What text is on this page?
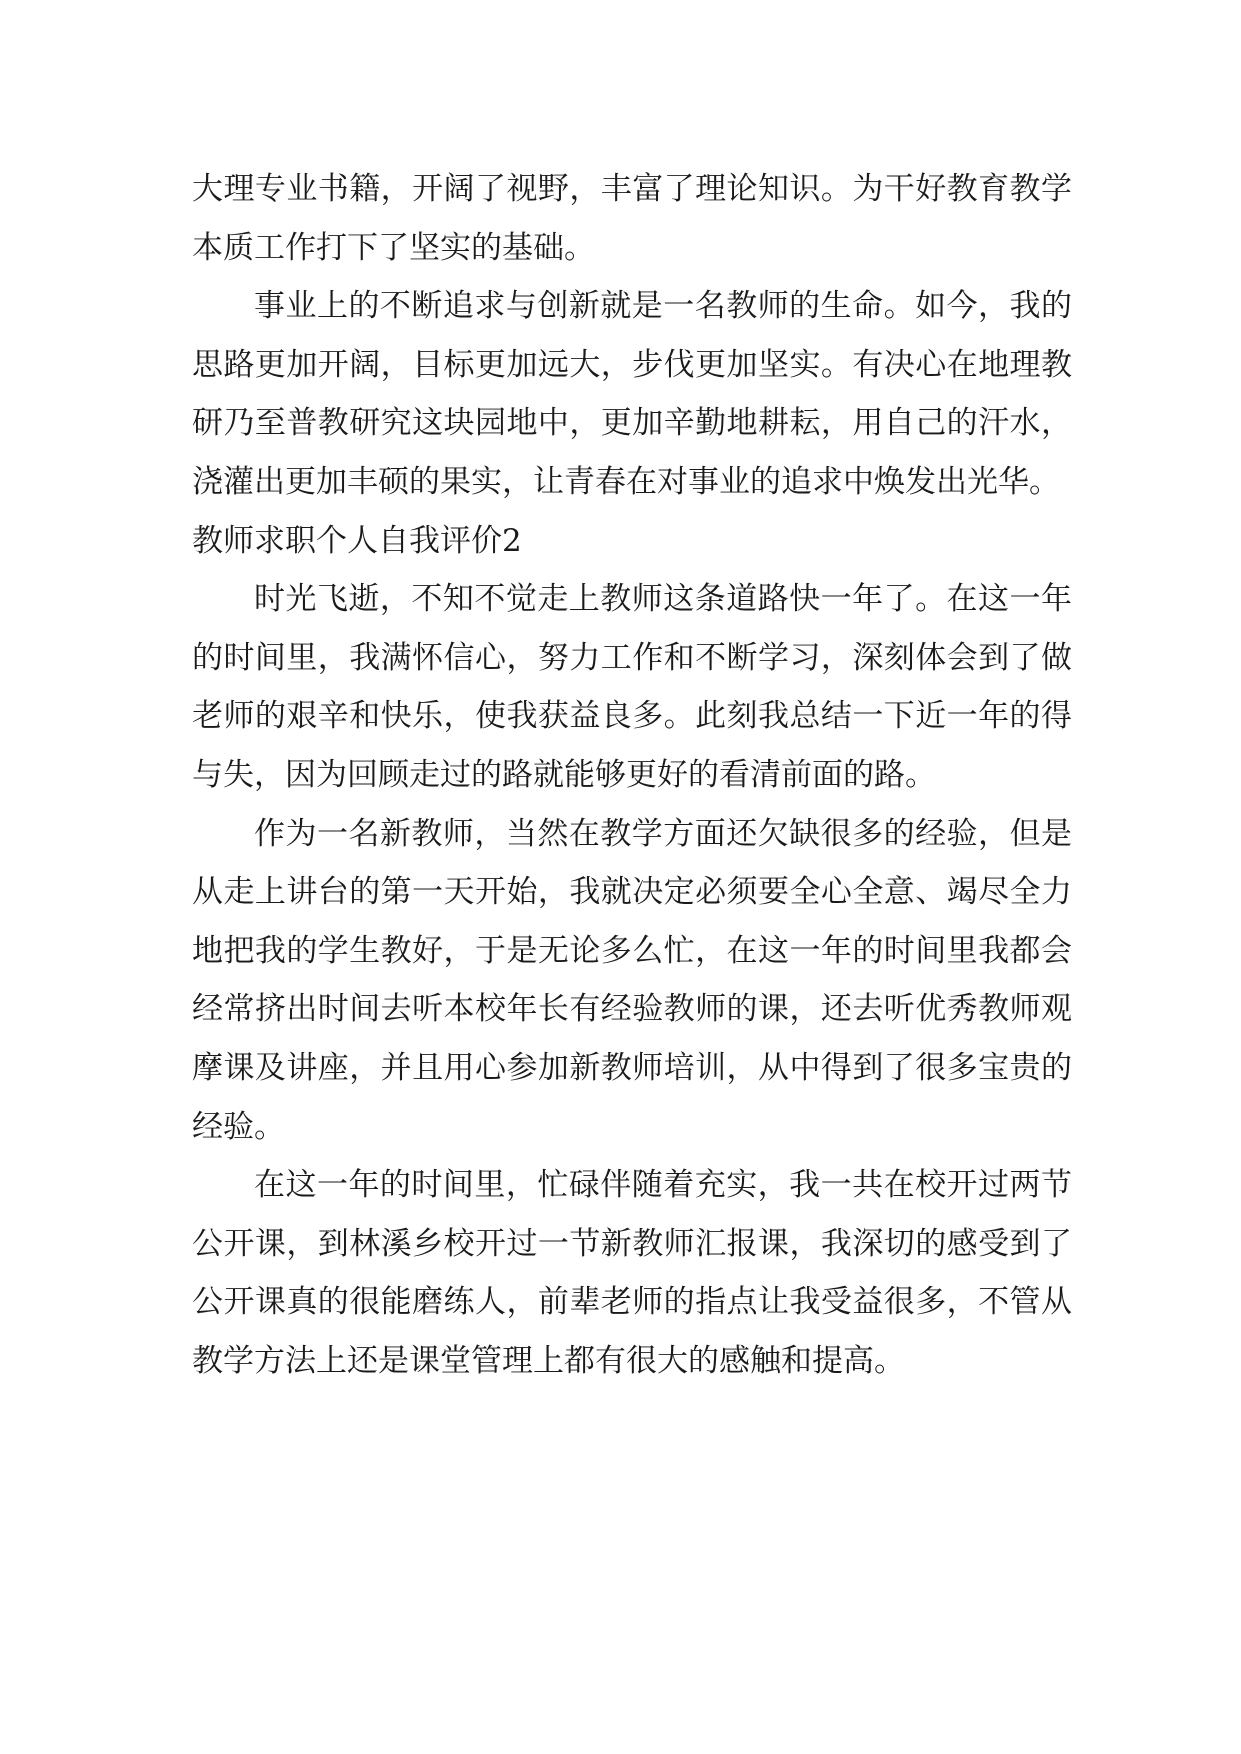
大理专业书籍，开阔了视野，丰富了理论知识。为干好教育教学本质工作打下了坚实的基础。

事业上的不断追求与创新就是一名教师的生命。如今，我的思路更加开阔，目标更加远大，步伐更加坚实。有决心在地理教研乃至普教研究这块园地中，更加辛勤地耕耘，用自己的汗水，浇灌出更加丰硕的果实，让青春在对事业的追求中焕发出光华。

教师求职个人自我评价2

时光飞逝，不知不觉走上教师这条道路快一年了。在这一年的时间里，我满怀信心，努力工作和不断学习，深刻体会到了做老师的艰辛和快乐，使我获益良多。此刻我总结一下近一年的得与失，因为回顾走过的路就能够更好的看清前面的路。

作为一名新教师，当然在教学方面还欠缺很多的经验，但是从走上讲台的第一天开始，我就决定必须要全心全意、竭尽全力地把我的学生教好，于是无论多么忙，在这一年的时间里我都会经常挤出时间去听本校年长有经验教师的课，还去听优秀教师观摩课及讲座，并且用心参加新教师培训，从中得到了很多宝贵的经验。

在这一年的时间里，忙碌伴随着充实，我一共在校开过两节公开课，到林溪乡校开过一节新教师汇报课，我深切的感受到了公开课真的很能磨练人，前辈老师的指点让我受益很多，不管从教学方法上还是课堂管理上都有很大的感触和提高。
